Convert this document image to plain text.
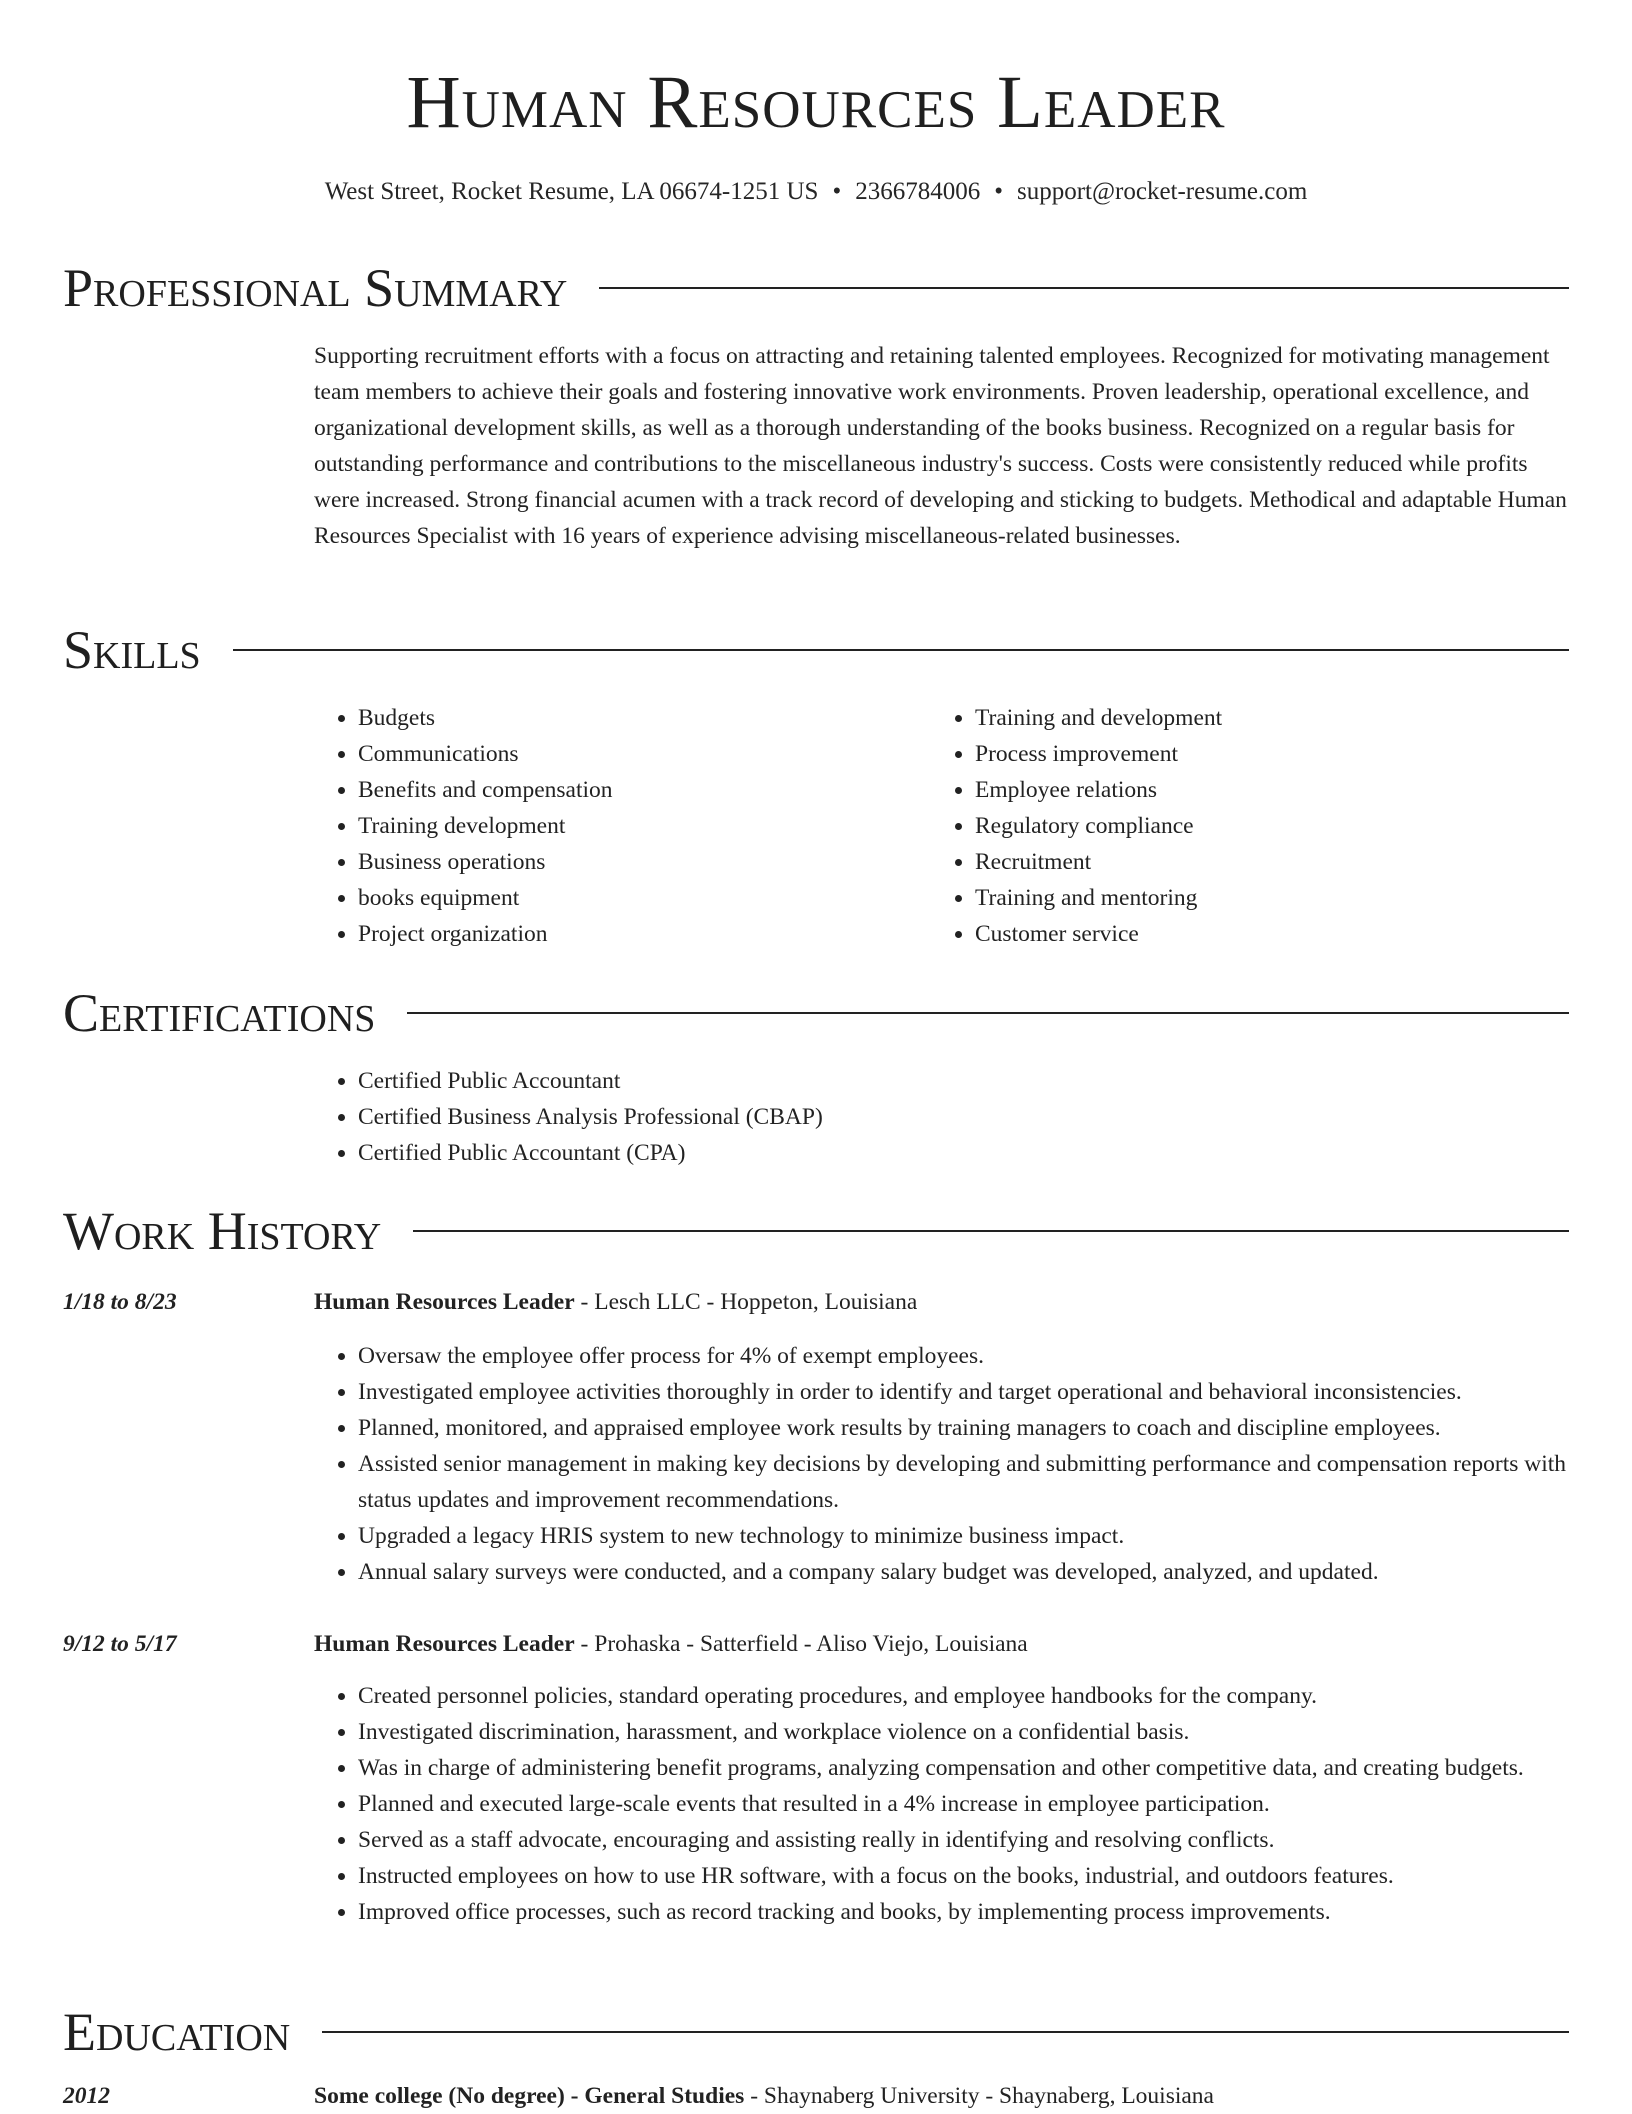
Human Resources Leader
West Street, Rocket Resume, LA 06674-1251 US • 2366784006 • support@rocket-resume.com
Professional Summary

Supporting recruitment efforts with a focus on attracting and retaining talented employees. Recognized for motivating management team members to achieve their goals and fostering innovative work environments. Proven leadership, operational excellence, and organizational development skills, as well as a thorough understanding of the books business. Recognized on a regular basis for outstanding performance and contributions to the miscellaneous industry's success. Costs were consistently reduced while profits were increased. Strong financial acumen with a track record of developing and sticking to budgets. Methodical and adaptable Human Resources Specialist with 16 years of experience advising miscellaneous-related businesses.

Skills
• Budgets
• Communications
• Benefits and compensation
• Training development
• Business operations
• books equipment
• Project organization
• Training and development
• Process improvement
• Employee relations
• Regulatory compliance
• Recruitment
• Training and mentoring
• Customer service
Certifications
• Certified Public Accountant
• Certified Business Analysis Professional (CBAP)
• Certified Public Accountant (CPA)
Work History
1/18 to 8/23	Human Resources Leader - Lesch LLC - Hoppeton, Louisiana
• Oversaw the employee offer process for 4% of exempt employees.
• Investigated employee activities thoroughly in order to identify and target operational and behavioral inconsistencies.
• Planned, monitored, and appraised employee work results by training managers to coach and discipline employees.
• Assisted senior management in making key decisions by developing and submitting performance and compensation reports with status updates and improvement recommendations.
• Upgraded a legacy HRIS system to new technology to minimize business impact.
• Annual salary surveys were conducted, and a company salary budget was developed, analyzed, and updated.
9/12 to 5/17	Human Resources Leader - Prohaska - Satterfield - Aliso Viejo, Louisiana
• Created personnel policies, standard operating procedures, and employee handbooks for the company.
• Investigated discrimination, harassment, and workplace violence on a confidential basis.
• Was in charge of administering benefit programs, analyzing compensation and other competitive data, and creating budgets.
• Planned and executed large-scale events that resulted in a 4% increase in employee participation.
• Served as a staff advocate, encouraging and assisting really in identifying and resolving conflicts.
• Instructed employees on how to use HR software, with a focus on the books, industrial, and outdoors features.
• Improved office processes, such as record tracking and books, by implementing process improvements.
Education
2012	Some college (No degree) - General Studies - Shaynaberg University - Shaynaberg, Louisiana
